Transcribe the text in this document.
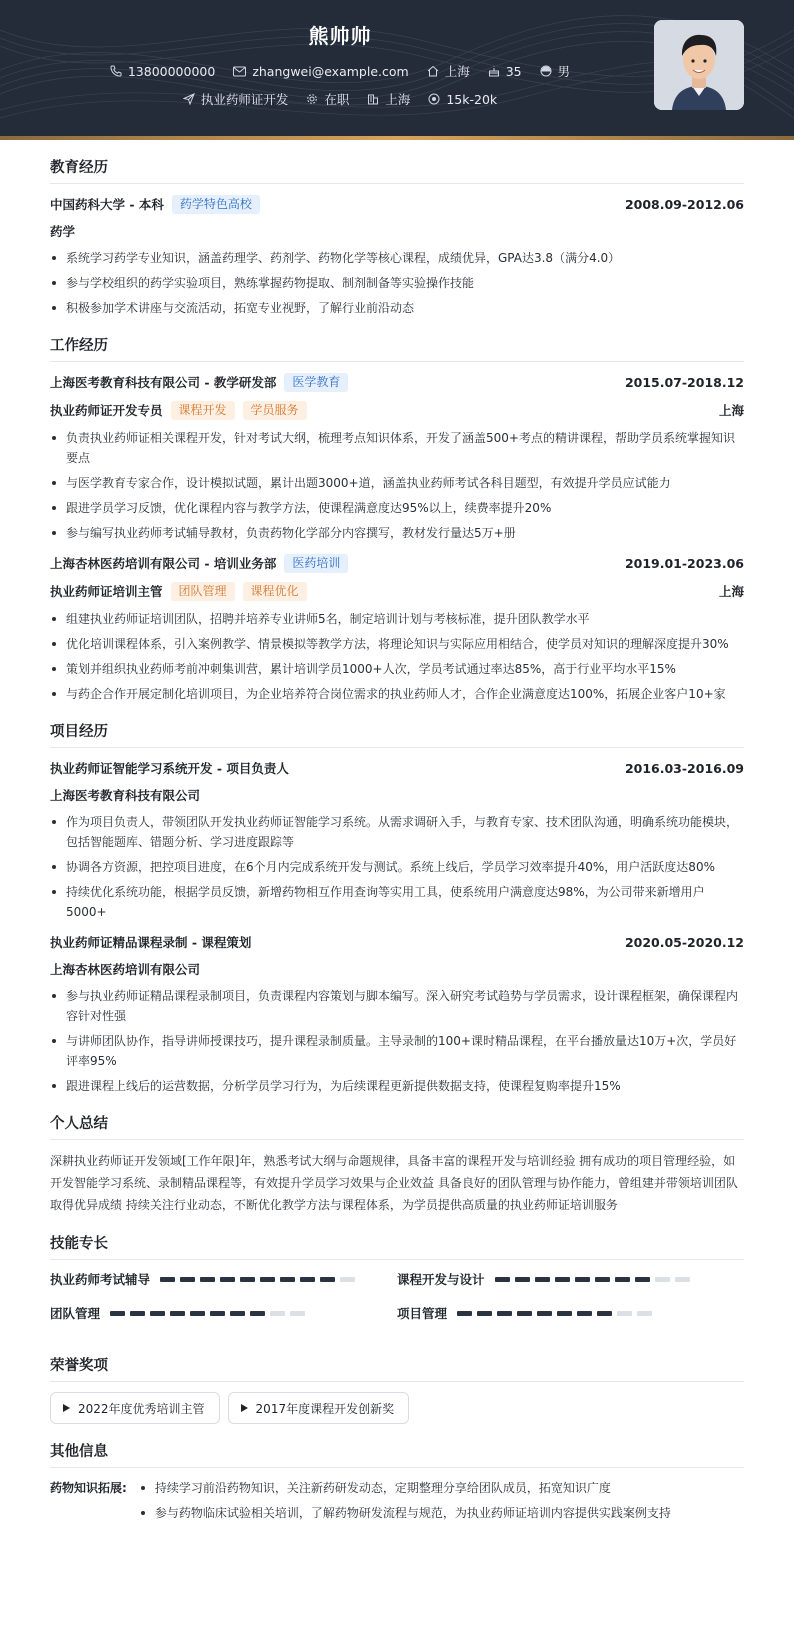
熊帅帅
13800000000	zhangwei@example.com	上海	35	男
执业药师证开发	在职	上海	15k-20k
教育经历
中国药科大学 - 本科	药学特色高校	2008.09-2012.06
药学
系统学习药学专业知识，涵盖药理学、药剂学、药物化学等核心课程，成绩优异，GPA达3.8（满分4.0）
参与学校组织的药学实验项目，熟练掌握药物提取、制剂制备等实验操作技能
积极参加学术讲座与交流活动，拓宽专业视野，了解行业前沿动态
工作经历
上海医考教育科技有限公司 - 教学研发部	医学教育	2015.07-2018.12
执业药师证开发专员	课程开发	学员服务	上海
负责执业药师证相关课程开发，针对考试大纲，梳理考点知识体系，开发了涵盖500+考点的精讲课程，帮助学员系统掌握知识要点
与医学教育专家合作，设计模拟试题，累计出题3000+道，涵盖执业药师考试各科目题型，有效提升学员应试能力
跟进学员学习反馈，优化课程内容与教学方法，使课程满意度达95%以上，续费率提升20%
参与编写执业药师考试辅导教材，负责药物化学部分内容撰写，教材发行量达5万+册
上海杏林医药培训有限公司 - 培训业务部	医药培训	2019.01-2023.06
执业药师证培训主管	团队管理	课程优化	上海
组建执业药师证培训团队，招聘并培养专业讲师5名，制定培训计划与考核标准，提升团队教学水平
优化培训课程体系，引入案例教学、情景模拟等教学方法，将理论知识与实际应用相结合，使学员对知识的理解深度提升30%
策划并组织执业药师考前冲刺集训营，累计培训学员1000+人次，学员考试通过率达85%，高于行业平均水平15%
与药企合作开展定制化培训项目，为企业培养符合岗位需求的执业药师人才，合作企业满意度达100%，拓展企业客户10+家
项目经历
执业药师证智能学习系统开发 - 项目负责人	2016.03-2016.09
上海医考教育科技有限公司
作为项目负责人，带领团队开发执业药师证智能学习系统。从需求调研入手，与教育专家、技术团队沟通，明确系统功能模块，包括智能题库、错题分析、学习进度跟踪等
协调各方资源，把控项目进度，在6个月内完成系统开发与测试。系统上线后，学员学习效率提升40%，用户活跃度达80%
持续优化系统功能，根据学员反馈，新增药物相互作用查询等实用工具，使系统用户满意度达98%，为公司带来新增用户5000+
执业药师证精品课程录制 - 课程策划	2020.05-2020.12
上海杏林医药培训有限公司
参与执业药师证精品课程录制项目，负责课程内容策划与脚本编写。深入研究考试趋势与学员需求，设计课程框架，确保课程内容针对性强
与讲师团队协作，指导讲师授课技巧，提升课程录制质量。主导录制的100+课时精品课程，在平台播放量达10万+次，学员好评率95%
跟进课程上线后的运营数据，分析学员学习行为，为后续课程更新提供数据支持，使课程复购率提升15%
个人总结
深耕执业药师证开发领域[工作年限]年，熟悉考试大纲与命题规律，具备丰富的课程开发与培训经验 拥有成功的项目管理经验，如开发智能学习系统、录制精品课程等，有效提升学员学习效果与企业效益 具备良好的团队管理与协作能力，曾组建并带领培训团队取得优异成绩 持续关注行业动态，不断优化教学方法与课程体系，为学员提供高质量的执业药师证培训服务
技能专长
执业药师考试辅导	课程开发与设计
团队管理	项目管理
荣誉奖项
2022年度优秀培训主管	2017年度课程开发创新奖
其他信息
药物知识拓展:	持续学习前沿药物知识，关注新药研发动态，定期整理分享给团队成员，拓宽知识广度
参与药物临床试验相关培训，了解药物研发流程与规范，为执业药师证培训内容提供实践案例支持
